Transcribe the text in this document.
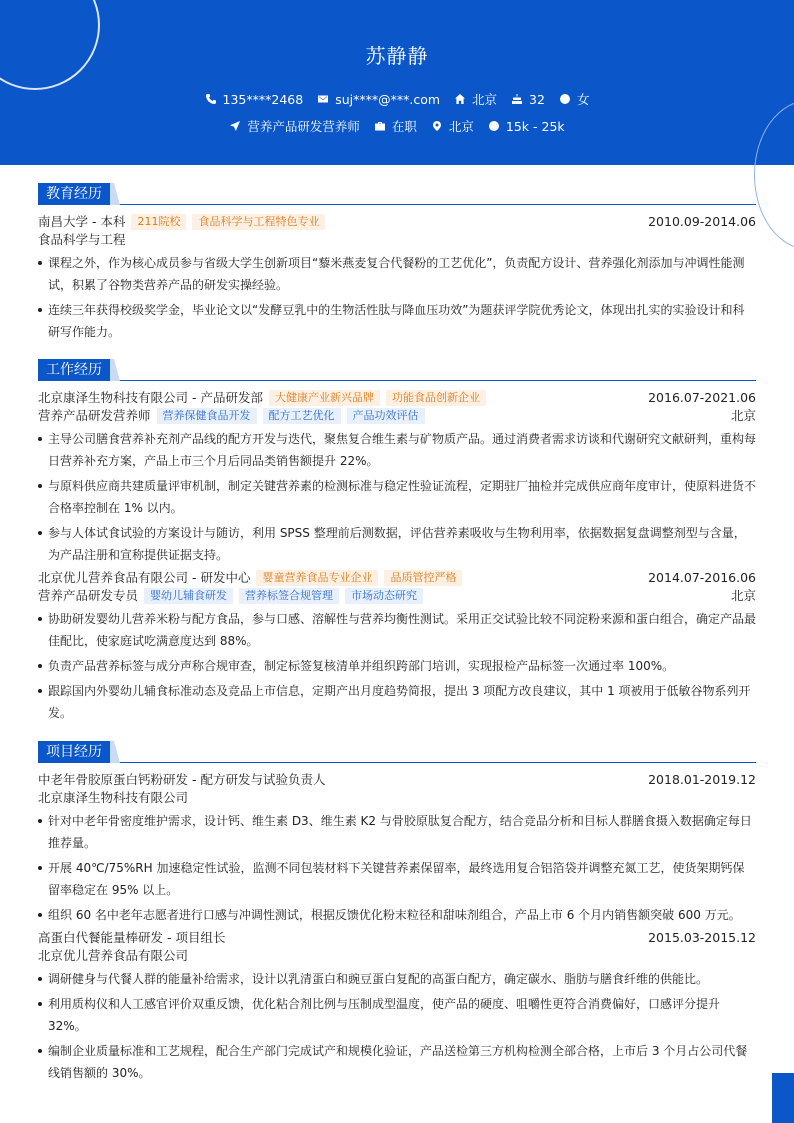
苏静静
135****2468	suj****@***.com	北京	32	女
营养产品研发营养师	在职	北京	15k - 25k
教育经历
南昌大学 - 本科	211院校	食品科学与工程特色专业	2010.09-2014.06
食品科学与工程
课程之外，作为核心成员参与省级大学生创新项目“藜米燕麦复合代餐粉的工艺优化”，负责配方设计、营养强化剂添加与冲调性能测试，积累了谷物类营养产品的研发实操经验。
连续三年获得校级奖学金，毕业论文以“发酵豆乳中的生物活性肽与降血压功效”为题获评学院优秀论文，体现出扎实的实验设计和科研写作能力。
工作经历
北京康泽生物科技有限公司 - 产品研发部	大健康产业新兴品牌	功能食品创新企业	2016.07-2021.06
营养产品研发营养师	营养保健食品开发	配方工艺优化	产品功效评估	北京
主导公司膳食营养补充剂产品线的配方开发与迭代，聚焦复合维生素与矿物质产品。通过消费者需求访谈和代谢研究文献研判，重构每日营养补充方案，产品上市三个月后同品类销售额提升 22%。
与原料供应商共建质量评审机制，制定关键营养素的检测标准与稳定性验证流程，定期驻厂抽检并完成供应商年度审计，使原料进货不合格率控制在 1% 以内。
参与人体试食试验的方案设计与随访，利用 SPSS 整理前后测数据，评估营养素吸收与生物利用率，依据数据复盘调整剂型与含量，为产品注册和宣称提供证据支持。
北京优儿营养食品有限公司 - 研发中心	婴童营养食品专业企业	品质管控严格	2014.07-2016.06
营养产品研发专员	婴幼儿辅食研发	营养标签合规管理	市场动态研究	北京
协助研发婴幼儿营养米粉与配方食品，参与口感、溶解性与营养均衡性测试。采用正交试验比较不同淀粉来源和蛋白组合，确定产品最佳配比，使家庭试吃满意度达到 88%。
负责产品营养标签与成分声称合规审查，制定标签复核清单并组织跨部门培训，实现报检产品标签一次通过率 100%。
跟踪国内外婴幼儿辅食标准动态及竞品上市信息，定期产出月度趋势简报，提出 3 项配方改良建议，其中 1 项被用于低敏谷物系列开发。
项目经历
中老年骨胶原蛋白钙粉研发 - 配方研发与试验负责人	2018.01-2019.12
北京康泽生物科技有限公司
针对中老年骨密度维护需求，设计钙、维生素 D3、维生素 K2 与骨胶原肽复合配方，结合竞品分析和目标人群膳食摄入数据确定每日推荐量。
开展 40℃/75%RH 加速稳定性试验，监测不同包装材料下关键营养素保留率，最终选用复合铝箔袋并调整充氮工艺，使货架期钙保留率稳定在 95% 以上。
组织 60 名中老年志愿者进行口感与冲调性测试，根据反馈优化粉末粒径和甜味剂组合，产品上市 6 个月内销售额突破 600 万元。
高蛋白代餐能量棒研发 - 项目组长	2015.03-2015.12
北京优儿营养食品有限公司
调研健身与代餐人群的能量补给需求，设计以乳清蛋白和豌豆蛋白复配的高蛋白配方，确定碳水、脂肪与膳食纤维的供能比。
利用质构仪和人工感官评价双重反馈，优化粘合剂比例与压制成型温度，使产品的硬度、咀嚼性更符合消费偏好，口感评分提升 32%。
编制企业质量标准和工艺规程，配合生产部门完成试产和规模化验证，产品送检第三方机构检测全部合格，上市后 3 个月占公司代餐线销售额的 30%。
